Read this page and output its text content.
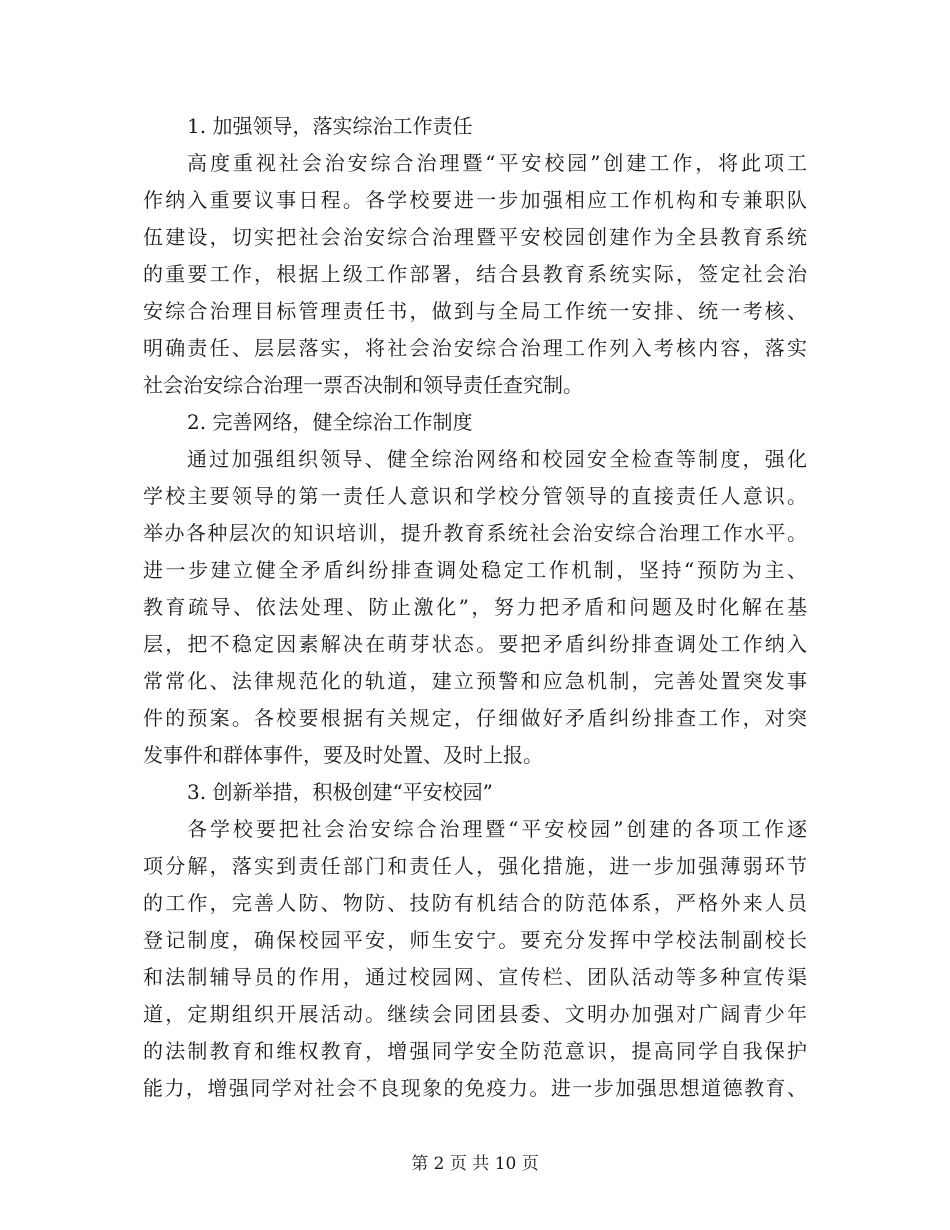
1. 加强领导，落实综治工作责任
高度重视社会治安综合治理暨“平安校园”创建工作，将此项工
作纳入重要议事日程。各学校要进一步加强相应工作机构和专兼职队
伍建设，切实把社会治安综合治理暨平安校园创建作为全县教育系统
的重要工作，根据上级工作部署，结合县教育系统实际，签定社会治
安综合治理目标管理责任书，做到与全局工作统一安排、统一考核、
明确责任、层层落实，将社会治安综合治理工作列入考核内容，落实
社会治安综合治理一票否决制和领导责任查究制。
2. 完善网络，健全综治工作制度
通过加强组织领导、健全综治网络和校园安全检查等制度，强化
学校主要领导的第一责任人意识和学校分管领导的直接责任人意识。
举办各种层次的知识培训，提升教育系统社会治安综合治理工作水平。
进一步建立健全矛盾纠纷排查调处稳定工作机制，坚持“预防为主、
教育疏导、依法处理、防止激化”，努力把矛盾和问题及时化解在基
层，把不稳定因素解决在萌芽状态。要把矛盾纠纷排查调处工作纳入
常常化、法律规范化的轨道，建立预警和应急机制，完善处置突发事
件的预案。各校要根据有关规定，仔细做好矛盾纠纷排查工作，对突
发事件和群体事件，要及时处置、及时上报。
3. 创新举措，积极创建“平安校园”
各学校要把社会治安综合治理暨“平安校园”创建的各项工作逐
项分解，落实到责任部门和责任人，强化措施，进一步加强薄弱环节
的工作，完善人防、物防、技防有机结合的防范体系，严格外来人员
登记制度，确保校园平安，师生安宁。要充分发挥中学校法制副校长
和法制辅导员的作用，通过校园网、宣传栏、团队活动等多种宣传渠
道，定期组织开展活动。继续会同团县委、文明办加强对广阔青少年
的法制教育和维权教育，增强同学安全防范意识，提高同学自我保护
能力，增强同学对社会不良现象的免疫力。进一步加强思想道德教育、
第 2 页 共 10 页
